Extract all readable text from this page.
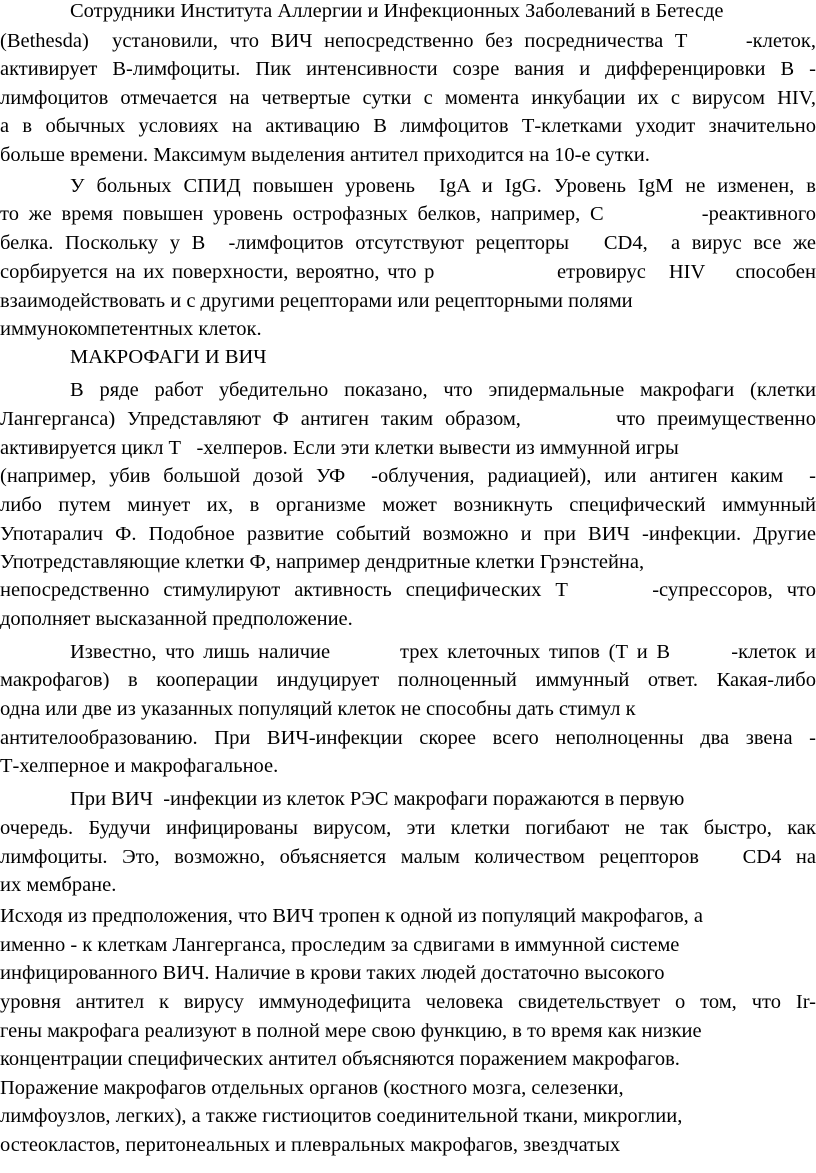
Сотрудники Института Аллергии и Инфекционных Заболеваний в Бетесде
(Bethesda)  установили, что ВИЧ непосредственно без посредничества Т     -клеток,
активирует В-лимфоциты. Пик интенсивности созре вания и дифференцировки В -
лимфоцитов отмечается на четвертые сутки с момента инкубации их с вирусом HIV,
а в обычных условиях на активацию В лимфоцитов Т-клетками уходит значительно
больше времени. Максимум выделения антител приходится на 10-е сутки.
У больных СПИД повышен уровень  IgA и IgG. Уровень IgM не изменен, в
то же время повышен уровень острофазных белков, например, С          -реактивного
белка. Поскольку у В  -лимфоцитов отсутствуют рецепторы   CD4,  а вирус все же
сорбируется на их поверхности, вероятно, что р                етровирус   HIV    способен
взаимодействовать и с другими рецепторами или рецепторными полями
иммунокомпетентных клеток.
МАКРОФАГИ И ВИЧ
В ряде работ убедительно показано, что эпидермальные макрофаги (клетки
Лангерганса) Упредставляют Ф антиген таким образом,        что преимущественно
активируется цикл Т   -хелперов. Если эти клетки вывести из иммунной игры
(например, убив большой дозой УФ  -облучения, радиацией), или антиген каким  -
либо путем минует их, в организме может возникнуть специфический иммунный
Употаралич Ф. Подобное развитие событий возможно и при ВИЧ -инфекции. Другие
Употредставляющие клетки Ф, например дендритные клетки Грэнстейна,
непосредственно стимулируют активность специфических Т      -супрессоров, что
дополняет высказанной предположение.
Известно, что лишь наличие        трех клеточных типов (Т и В       -клеток и
макрофагов) в кооперации индуцирует полноценный иммунный ответ. Какая-либо
одна или две из указанных популяций клеток не способны дать стимул к
антителообразованию. При ВИЧ-инфекции скорее всего неполноценны два звена -
Т-хелперное и макрофагальное.
При ВИЧ  -инфекции из клеток РЭС макрофаги поражаются в первую
очередь. Будучи инфицированы вирусом, эти клетки погибают не так быстро, как
лимфоциты. Это, возможно, объясняется малым количеством рецепторов   CD4 на
их мембране.
Исходя из предположения, что ВИЧ тропен к одной из популяций макрофагов, а
именно - к клеткам Лангерганса, проследим за сдвигами в иммунной системе
инфицированного ВИЧ. Наличие в крови таких людей достаточно высокого
уровня антител к вирусу иммунодефицита человека свидетельствует о том, что Ir-
гены макрофага реализуют в полной мере свою функцию, в то время как низкие
концентрации специфических антител объясняются поражением макрофагов.
Поражение макрофагов отдельных органов (костного мозга, селезенки,
лимфоузлов, легких), а также гистиоцитов соединительной ткани, микроглии,
остеокластов, перитонеальных и плевральных макрофагов, звездчатых
